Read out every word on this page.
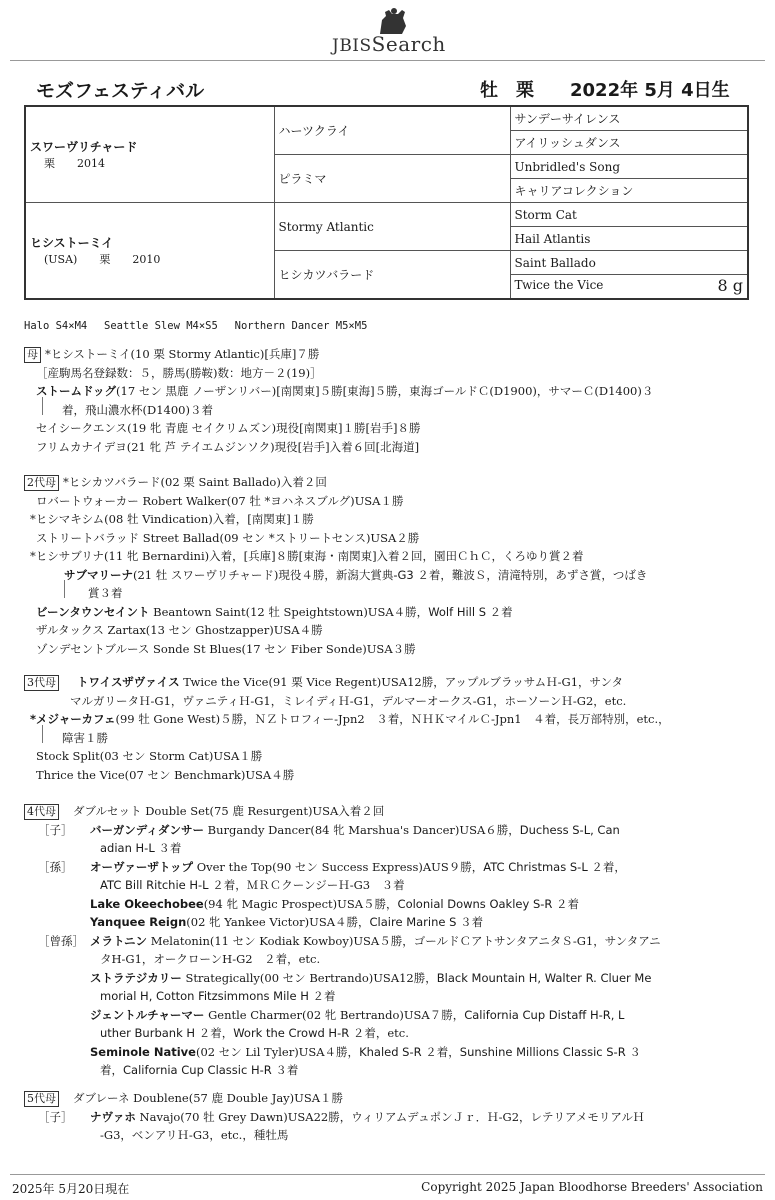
JBISSearch
モズフェスティバル	牡　栗　　2022年 5月 4日生
スワーヴリチャード
栗　　2014	ハーツクライ	サンデーサイレンス
		アイリッシュダンス
	ピラミマ	Unbridled's Song
		キャリアコレクション

ヒシストーミイ
(USA)　　栗　　2010	Stormy Atlantic	Storm Cat
		Hail Atlantis
	ヒシカツバラード	Saint Ballado
		Twice the Vice 8 g
Halo S4×M4　 Seattle Slew M4×S5　 Northern Dancer M5×M5
母 *ヒシストーミイ(10 栗 Stormy Atlantic)[兵庫]７勝
［産駒馬名登録数：５，勝馬(勝鞍)数：地方－２(19)］
ストームドッグ(17 セン 黒鹿 ノーザンリバー)[南関東]５勝[東海]５勝，東海ゴールドＣ(D1900)，サマーＣ(D1400)３
着，飛山濃水杯(D1400)３着
セイシークエンス(19 牝 青鹿 セイクリムズン)現役[南関東]１勝[岩手]８勝
フリムカナイデヨ(21 牝 芦 テイエムジンソク)現役[岩手]入着６回[北海道]
2代母 *ヒシカツバラード(02 栗 Saint Ballado)入着２回
ロバートウォーカー Robert Walker(07 牡 *ヨハネスブルグ)USA１勝
*ヒシマキシム(08 牡 Vindication)入着，[南関東]１勝
ストリートバラッド Street Ballad(09 セン *ストリートセンス)USA２勝
*ヒシサブリナ(11 牝 Bernardini)入着，[兵庫]８勝[東海・南関東]入着２回，園田ＣｈＣ，くろゆり賞２着
サブマリーナ(21 牡 スワーヴリチャード)現役４勝，新潟大賞典-G3 ２着，難波Ｓ，清滝特別，あずさ賞，つばき
賞３着
ビーンタウンセイント Beantown Saint(12 牡 Speightstown)USA４勝，Wolf Hill S ２着
ザルタックス Zartax(13 セン Ghostzapper)USA４勝
ゾンデセントブルース Sonde St Blues(17 セン Fiber Sonde)USA３勝
3代母 トワイスザヴァイス Twice the Vice(91 栗 Vice Regent)USA12勝，アップルブラッサムＨ-G1，サンタ
マルガリータＨ-G1，ヴァニティＨ-G1，ミレイディＨ-G1，デルマーオークス-G1，ホーソーンＨ-G2，etc.
*メジャーカフェ(99 牡 Gone West)５勝，ＮＺトロフィー-Jpn2　３着，ＮＨＫマイルＣ-Jpn1　４着，長万部特別，etc.，
障害１勝
Stock Split(03 セン Storm Cat)USA１勝
Thrice the Vice(07 セン Benchmark)USA４勝
4代母 ダブルセット Double Set(75 鹿 Resurgent)USA入着２回
［子］ バーガンディダンサー Burgandy Dancer(84 牝 Marshua's Dancer)USA６勝，Duchess S-L, Can
adian H-L ３着
［孫］ オーヴァーザトップ Over the Top(90 セン Success Express)AUS９勝，ATC Christmas S-L ２着，
ATC Bill Ritchie H-L ２着，ＭＲＣクーンジーＨ-G3　３着
Lake Okeechobee(94 牝 Magic Prospect)USA５勝，Colonial Downs Oakley S-R ２着
Yanquee Reign(02 牝 Yankee Victor)USA４勝，Claire Marine S ３着
［曾孫］ メラトニン Melatonin(11 セン Kodiak Kowboy)USA５勝，ゴールドＣアトサンタアニタＳ-G1，サンタアニ
タH-G1，オークローンH-G2　２着，etc.
ストラテジカリー Strategically(00 セン Bertrando)USA12勝，Black Mountain H, Walter R. Cluer Me
morial H, Cotton Fitzsimmons Mile H ２着
ジェントルチャーマー Gentle Charmer(02 牝 Bertrando)USA７勝，California Cup Distaff H-R, L
uther Burbank H ２着，Work the Crowd H-R ２着，etc.
Seminole Native(02 セン Lil Tyler)USA４勝，Khaled S-R ２着，Sunshine Millions Classic S-R ３
着，California Cup Classic H-R ３着
5代母 ダブレーネ Doublene(57 鹿 Double Jay)USA１勝
［子］ ナヴァホ Navajo(70 牡 Grey Dawn)USA22勝，ウィリアムデュポンＪｒ．Ｈ-G2，レテリアメモリアルＨ
-G3，ベンアリＨ-G3，etc.，種牡馬
2025年 5月20日現在	Copyright 2025 Japan Bloodhorse Breeders' Association
